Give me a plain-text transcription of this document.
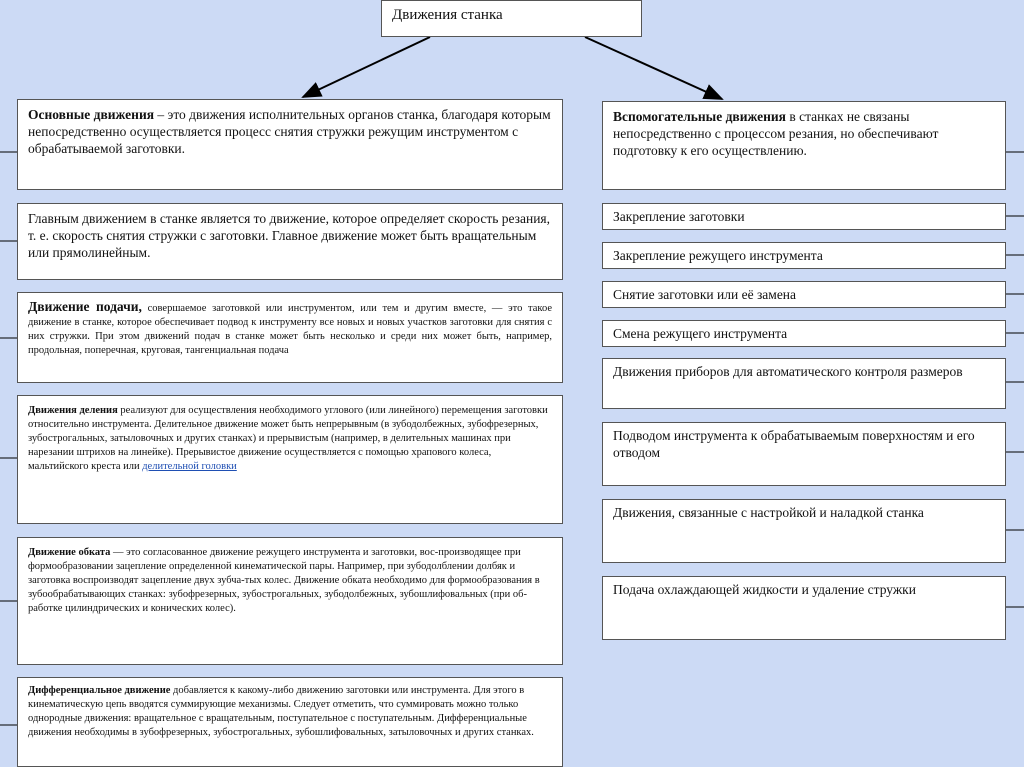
Движения станка
Основные движения – это движения исполнительных органов станка, благодаря которым непосредственно осуществляется процесс снятия стружки режущим инструментом с обрабатываемой заготовки.
Главным движением в станке является то движение, которое определяет скорость резания, т. е. скорость снятия стружки с заготовки. Главное движение может быть вращательным или прямолинейным.
Движение подачи, совершаемое заготовкой или инструментом, или тем и другим вместе, — это такое движение в станке, которое обеспечивает подвод к инструменту все новых и новых участков заготовки для снятия с них стружки. При этом движений подач в станке может быть несколько и среди них может быть, например, продольная, поперечная, круговая, тангенциальная подача
Движения деления реализуют для осуществления необходимого углового (или линейного) перемещения заготовки относительно инструмента. Делительное движение может быть непрерывным (в зубодолбежных, зубофрезерных, зубострогальных, затыловочных и других станках) и прерывистым (например, в делительных машинах при нарезании штрихов на линейке). Прерывистое движение осуществляется с помощью храпового колеса, мальтийского креста или делительной головки
Движение обката — это согласованное движение режущего инструмента и заготовки, вос-производящее при формообразовании зацепление определенной кинематической пары. Например, при зубодолблении долбяк и заготовка воспроизводят зацепление двух зубча-тых колес. Движение обката необходимо для формообразования в зубообрабатывающих станках: зубофрезерных, зубострогальных, зубодолбежных, зубошлифовальных (при об-работке цилиндрических и конических колес).
Дифференциальное движение добавляется к какому-либо движению заготовки или инструмента. Для этого в кинематическую цепь вводятся суммирующие механизмы. Следует отметить, что суммировать можно только однородные движения: вращательное с вращательным, поступательное с поступательным. Дифференциальные движения необходимы в зубофрезерных, зубострогальных, зубошлифовальных, затыловочных и других станках.
Вспомогательные движения в станках не связаны непосредственно с процессом резания, но обеспечивают подготовку к его осуществлению.
Закрепление заготовки
Закрепление режущего инструмента
Снятие заготовки или её замена
Смена режущего инструмента
Движения приборов для автоматического контроля размеров
Подводом инструмента к обрабатываемым поверхностям и его отводом
Движения, связанные с настройкой и наладкой станка
Подача охлаждающей жидкости и удаление стружки
